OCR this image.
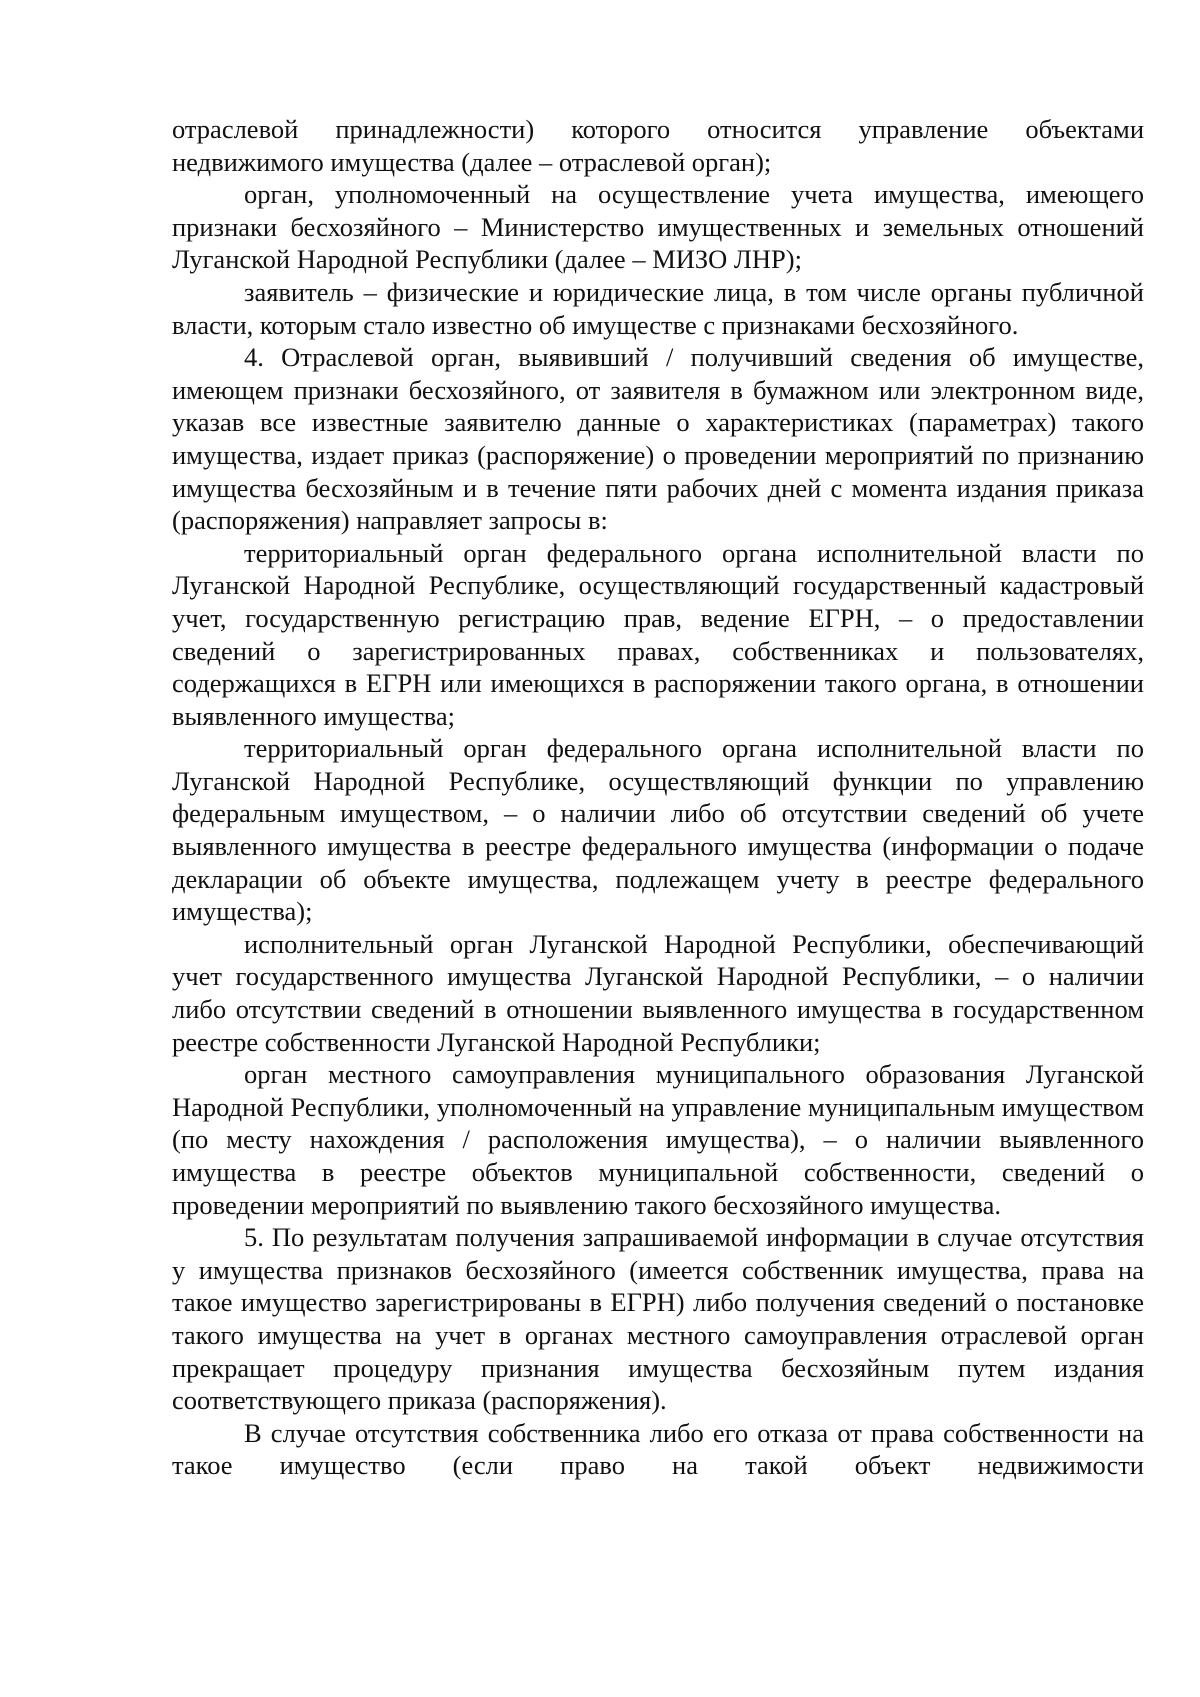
отраслевой принадлежности) которого относится управление объектами недвижимого имущества (далее – отраслевой орган);

орган, уполномоченный на осуществление учета имущества, имеющего признаки бесхозяйного – Министерство имущественных и земельных отношений Луганской Народной Республики (далее – МИЗО ЛНР);

заявитель – физические и юридические лица, в том числе органы публичной власти, которым стало известно об имуществе с признаками бесхозяйного.

4. Отраслевой орган, выявивший / получивший сведения об имуществе, имеющем признаки бесхозяйного, от заявителя в бумажном или электронном виде, указав все известные заявителю данные о характеристиках (параметрах) такого имущества, издает приказ (распоряжение) о проведении мероприятий по признанию имущества бесхозяйным и в течение пяти рабочих дней с момента издания приказа (распоряжения) направляет запросы в:

территориальный орган федерального органа исполнительной власти по Луганской Народной Республике, осуществляющий государственный кадастровый учет, государственную регистрацию прав, ведение ЕГРН, – о предоставлении сведений о зарегистрированных правах, собственниках и пользователях, содержащихся в ЕГРН или имеющихся в распоряжении такого органа, в отношении выявленного имущества;

территориальный орган федерального органа исполнительной власти по Луганской Народной Республике, осуществляющий функции по управлению федеральным имуществом, – о наличии либо об отсутствии сведений об учете выявленного имущества в реестре федерального имущества (информации о подаче декларации об объекте имущества, подлежащем учету в реестре федерального имущества);

исполнительный орган Луганской Народной Республики, обеспечивающий учет государственного имущества Луганской Народной Республики, – о наличии либо отсутствии сведений в отношении выявленного имущества в государственном реестре собственности Луганской Народной Республики;

орган местного самоуправления муниципального образования Луганской Народной Республики, уполномоченный на управление муниципальным имуществом (по месту нахождения / расположения имущества), – о наличии выявленного имущества в реестре объектов муниципальной собственности, сведений о проведении мероприятий по выявлению такого бесхозяйного имущества.

5. По результатам получения запрашиваемой информации в случае отсутствия у имущества признаков бесхозяйного (имеется собственник имущества, права на такое имущество зарегистрированы в ЕГРН) либо получения сведений о постановке такого имущества на учет в органах местного самоуправления отраслевой орган прекращает процедуру признания имущества бесхозяйным путем издания соответствующего приказа (распоряжения).

В случае отсутствия собственника либо его отказа от права собственности на такое имущество (если право на такой объект недвижимости
